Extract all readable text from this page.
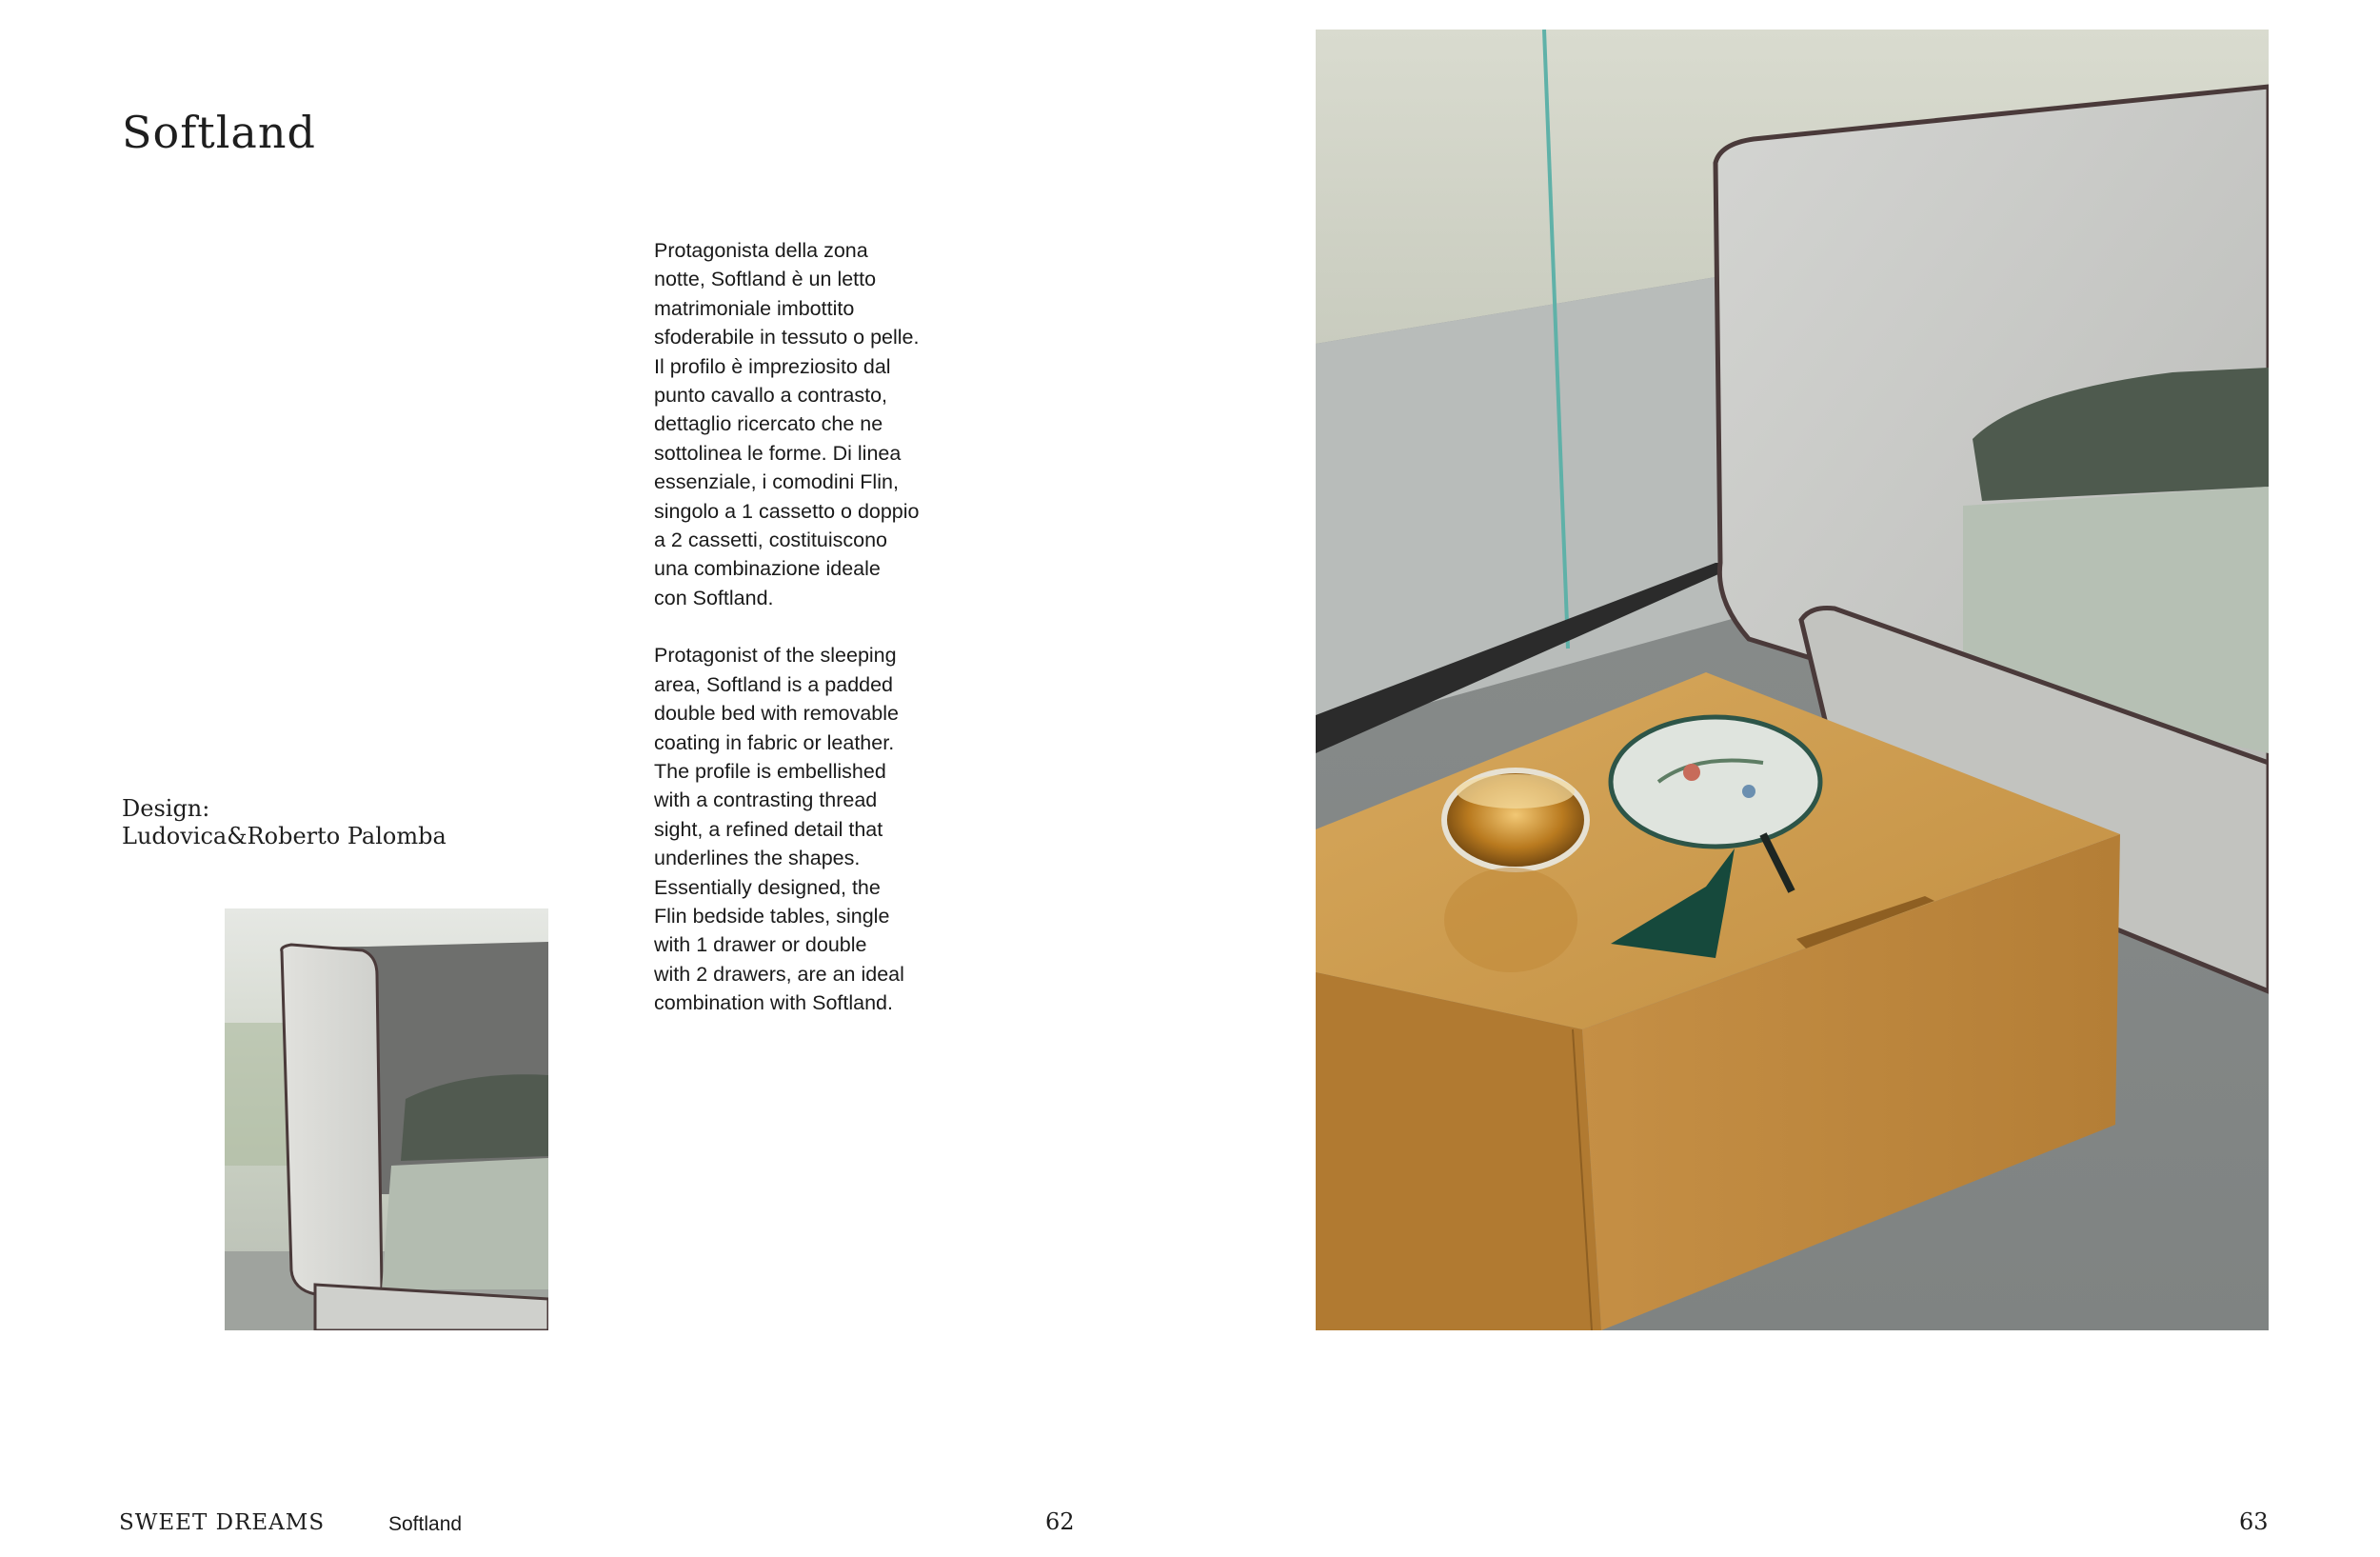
Softland
Design:
Ludovica&Roberto Palomba

Protagonista della zona
notte, Softland è un letto
matrimoniale imbottito
sfoderabile in tessuto o pelle.
Il profilo è impreziosito dal
punto cavallo a contrasto,
dettaglio ricercato che ne
sottolinea le forme. Di linea
essenziale, i comodini Flin,
singolo a 1 cassetto o doppio
a 2 cassetti, costituiscono
una combinazione ideale
con Softland.

Protagonist of the sleeping
area, Softland is a padded
double bed with removable
coating in fabric or leather.
The profile is embellished
with a contrasting thread
sight, a refined detail that
underlines the shapes.
Essentially designed, the
Flin bedside tables, single
with 1 drawer or double
with 2 drawers, are an ideal
combination with Softland.

SWEET DREAMS	Softland	62	63
